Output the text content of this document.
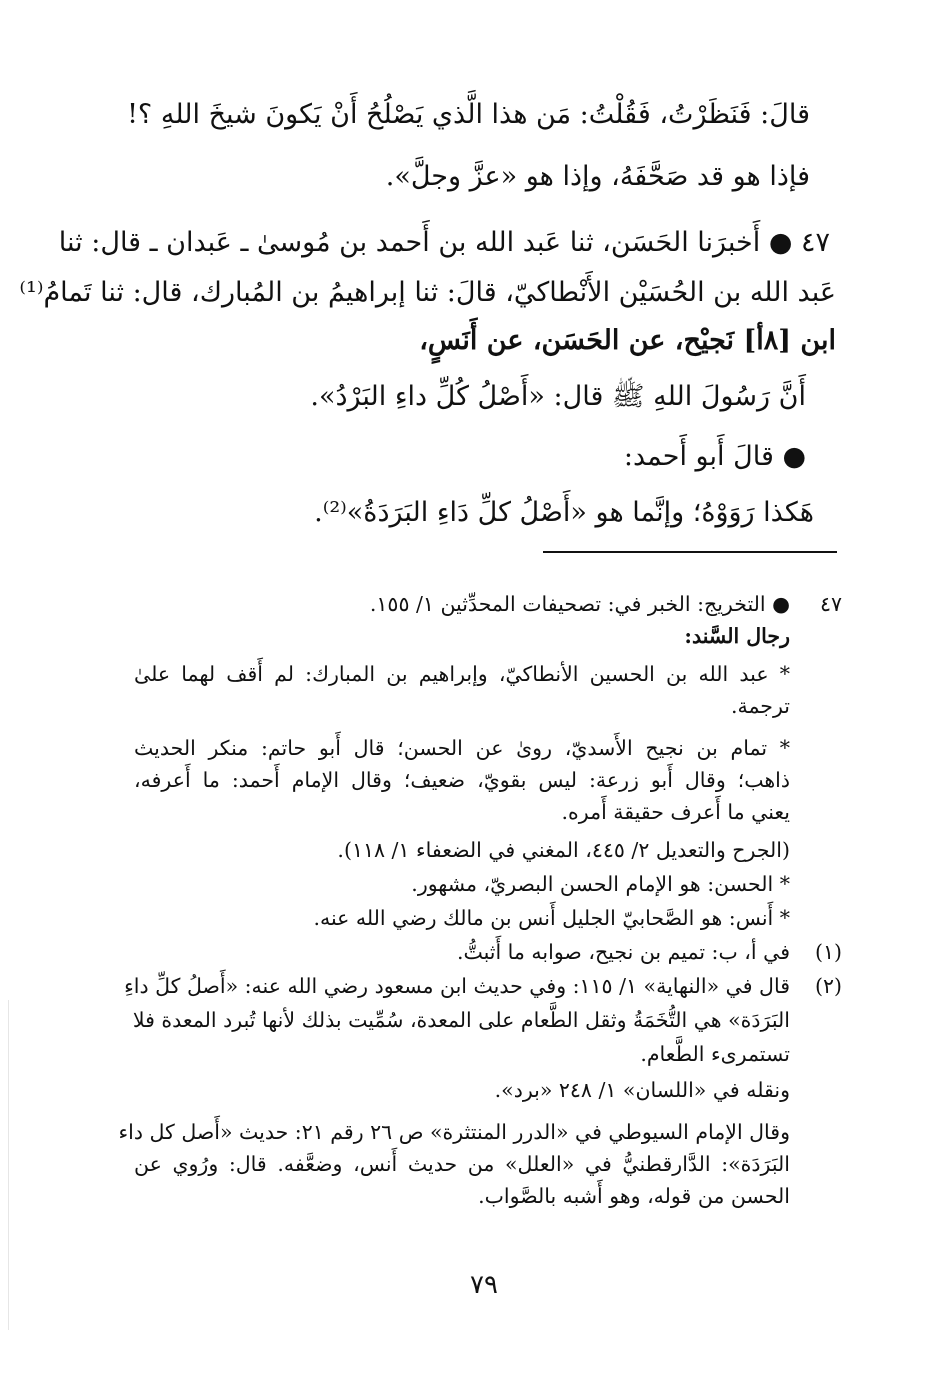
قالَ: فَنَظَرْتُ، فَقُلْتُ: مَن هذا الَّذي يَصْلُحُ أَنْ يَكونَ شيخَ اللهِ ؟!
فإذا هو قد صَحَّفَهُ، وإذا هو «عزَّ وجلَّ».
٤٧ ● أَخبرَنا الحَسَن، ثنا عَبد الله بن أَحمد بن مُوسىٰ ـ عَبدان ـ قال: ثنا
عَبد الله بن الحُسَيْن الأَنْطاكيّ، قالَ: ثنا إبراهيمُ بن المُبارك، قال: ثنا تَمامُ⁽¹⁾
ابن [٨أ] نَجيْح، عن الحَسَن، عن أَنَسٍ،
أَنَّ رَسُولَ اللهِ ﷺ قال: «أَصْلُ كُلِّ داءِ البَرْدُ».
● قالَ أَبو أَحمد:
هَكذا رَوَوْهُ؛ وإنَّما هو «أَصْلُ كلِّ دَاءِ البَرَدَةُ»⁽²⁾.
٤٧
● التخريج: الخبر في: تصحيفات المحدِّثين ١/ ١٥٥.
رجال السَّند:
* عبد الله بن الحسين الأنطاكيّ، وإبراهيم بن المبارك: لم أَقف لهما علىٰ
ترجمة.
* تمام بن نجيح الأَسديّ، روىٰ عن الحسن؛ قال أَبو حاتم: منكر الحديث
ذاهب؛ وقال أَبو زرعة: ليس بقويّ، ضعيف؛ وقال الإمام أَحمد: ما أَعرفه،
يعني ما أَعرف حقيقة أَمره.
(الجرح والتعديل ٢/ ٤٤٥، المغني في الضعفاء ١/ ١١٨).
* الحسن: هو الإمام الحسن البصريّ، مشهور.
* أَنس: هو الصَّحابيّ الجليل أَنس بن مالك رضي الله عنه.
(١)
في أ، ب: تميم بن نجيح، صوابه ما أَثبتُّ.
(٢)
قال في «النهاية» ١/ ١١٥: وفي حديث ابن مسعود رضي الله عنه: «أَصلُ كلِّ داءِ
البَرَدَة» هي التُّخَمَةُ وثقل الطَّعام على المعدة، سُمِّيت بذلك لأنها تُبرد المعدة فلا
تستمرىء الطَّعام.
ونقله في «اللسان» ١/ ٢٤٨ «برد».
وقال الإمام السيوطي في «الدرر المنتثرة» ص ٢٦ رقم ٢١: حديث «أَصل كل داء
البَرَدَة»: الدَّارقطنيُّ في «العلل» من حديث أَنس، وضعَّفه. قال: ورُوي عن
الحسن من قوله، وهو أَشبه بالصَّواب.
٧٩
